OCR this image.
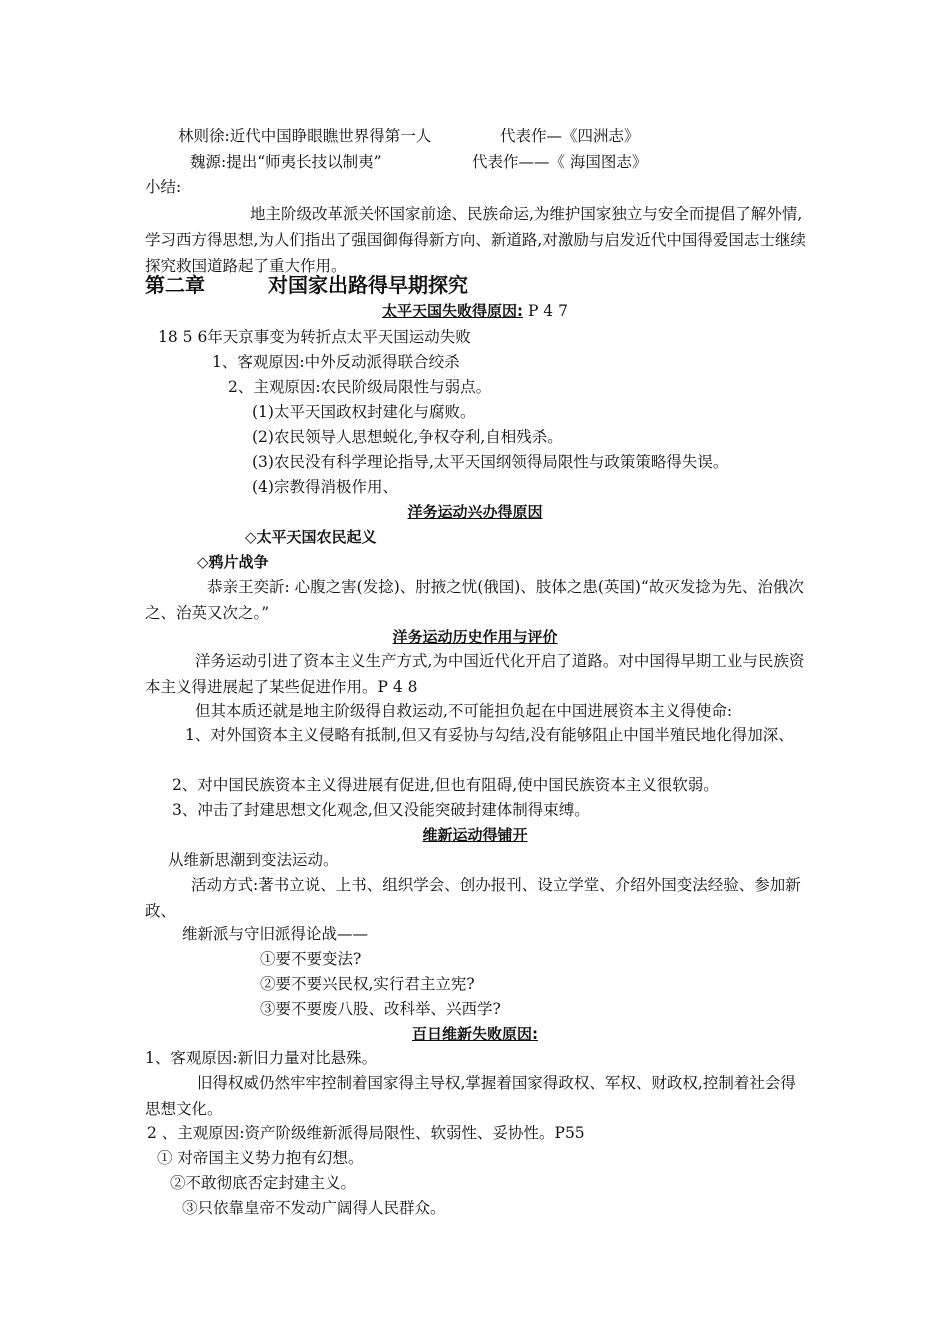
林则徐:近代中国睁眼瞧世界得第一人	代表作—《四洲志》
魏源:提出“师夷长技以制夷”	代表作——《 海国图志》
小结:
地主阶级改革派关怀国家前途、民族命运,为维护国家独立与安全而提倡了解外情,学习西方得思想,为人们指出了强国御侮得新方向、新道路,对激励与启发近代中国得爱国志士继续探究救国道路起了重大作用。
第二章	对国家出路得早期探究
太平天国失败得原因: P 4 7
18 5 6年天京事变为转折点太平天国运动失败
1、客观原因:中外反动派得联合绞杀
2、主观原因:农民阶级局限性与弱点。
(1)太平天国政权封建化与腐败。
(2)农民领导人思想蜕化,争权夺利,自相残杀。
(3)农民没有科学理论指导,太平天国纲领得局限性与政策策略得失误。
(4)宗教得消极作用、
洋务运动兴办得原因
◇太平天国农民起义
◇鸦片战争
恭亲王奕訢: 心腹之害(发捻)、肘掖之忧(俄国)、肢体之患(英国)“故灭发捻为先、治俄次之、治英又次之。”
洋务运动历史作用与评价
洋务运动引进了资本主义生产方式,为中国近代化开启了道路。对中国得早期工业与民族资本主义得进展起了某些促进作用。P 4 8
但其本质还就是地主阶级得自救运动,不可能担负起在中国进展资本主义得使命:
1、对外国资本主义侵略有抵制,但又有妥协与勾结,没有能够阻止中国半殖民地化得加深、
2、对中国民族资本主义得进展有促进,但也有阻碍,使中国民族资本主义很软弱。
3、冲击了封建思想文化观念,但又没能突破封建体制得束缚。
维新运动得铺开
从维新思潮到变法运动。
活动方式:著书立说、上书、组织学会、创办报刊、设立学堂、介绍外国变法经验、参加新政、
维新派与守旧派得论战——
①要不要变法?
②要不要兴民权,实行君主立宪?
③要不要废八股、改科举、兴西学?
百日维新失败原因:
1、客观原因:新旧力量对比悬殊。
旧得权威仍然牢牢控制着国家得主导权,掌握着国家得政权、军权、财政权,控制着社会得思想文化。
2 、主观原因:资产阶级维新派得局限性、软弱性、妥协性。P55
① 对帝国主义势力抱有幻想。
②不敢彻底否定封建主义。
③只依靠皇帝不发动广阔得人民群众。
